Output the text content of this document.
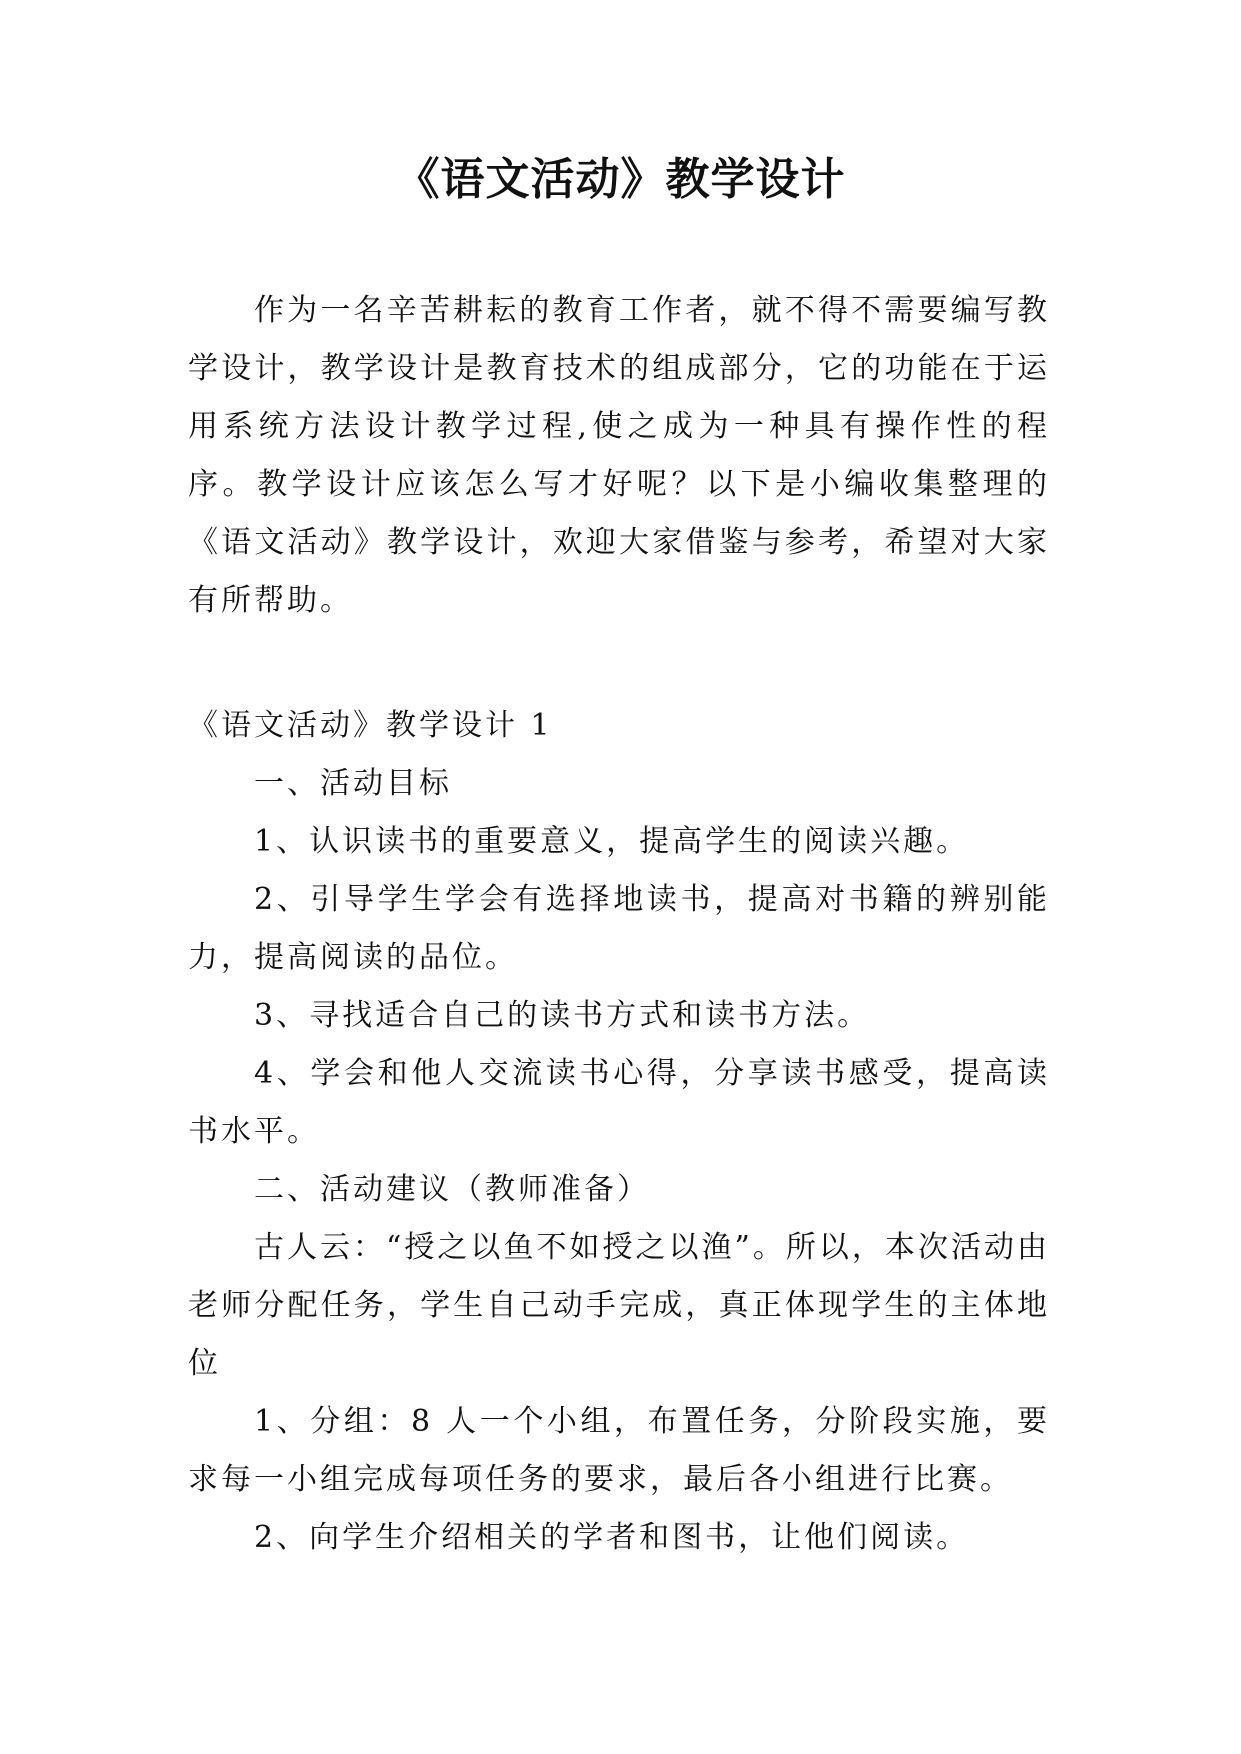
《语文活动》教学设计

作为一名辛苦耕耘的教育工作者，就不得不需要编写教学设计，教学设计是教育技术的组成部分，它的功能在于运用系统方法设计教学过程,使之成为一种具有操作性的程序。教学设计应该怎么写才好呢？以下是小编收集整理的《语文活动》教学设计，欢迎大家借鉴与参考，希望对大家有所帮助。

《语文活动》教学设计 1

一、活动目标

1、认识读书的重要意义，提高学生的阅读兴趣。

2、引导学生学会有选择地读书，提高对书籍的辨别能力，提高阅读的品位。

3、寻找适合自己的读书方式和读书方法。

4、学会和他人交流读书心得，分享读书感受，提高读书水平。

二、活动建议（教师准备）

古人云：“授之以鱼不如授之以渔”。所以，本次活动由老师分配任务，学生自己动手完成，真正体现学生的主体地位

1、分组：8 人一个小组，布置任务，分阶段实施，要求每一小组完成每项任务的要求，最后各小组进行比赛。

2、向学生介绍相关的学者和图书，让他们阅读。
